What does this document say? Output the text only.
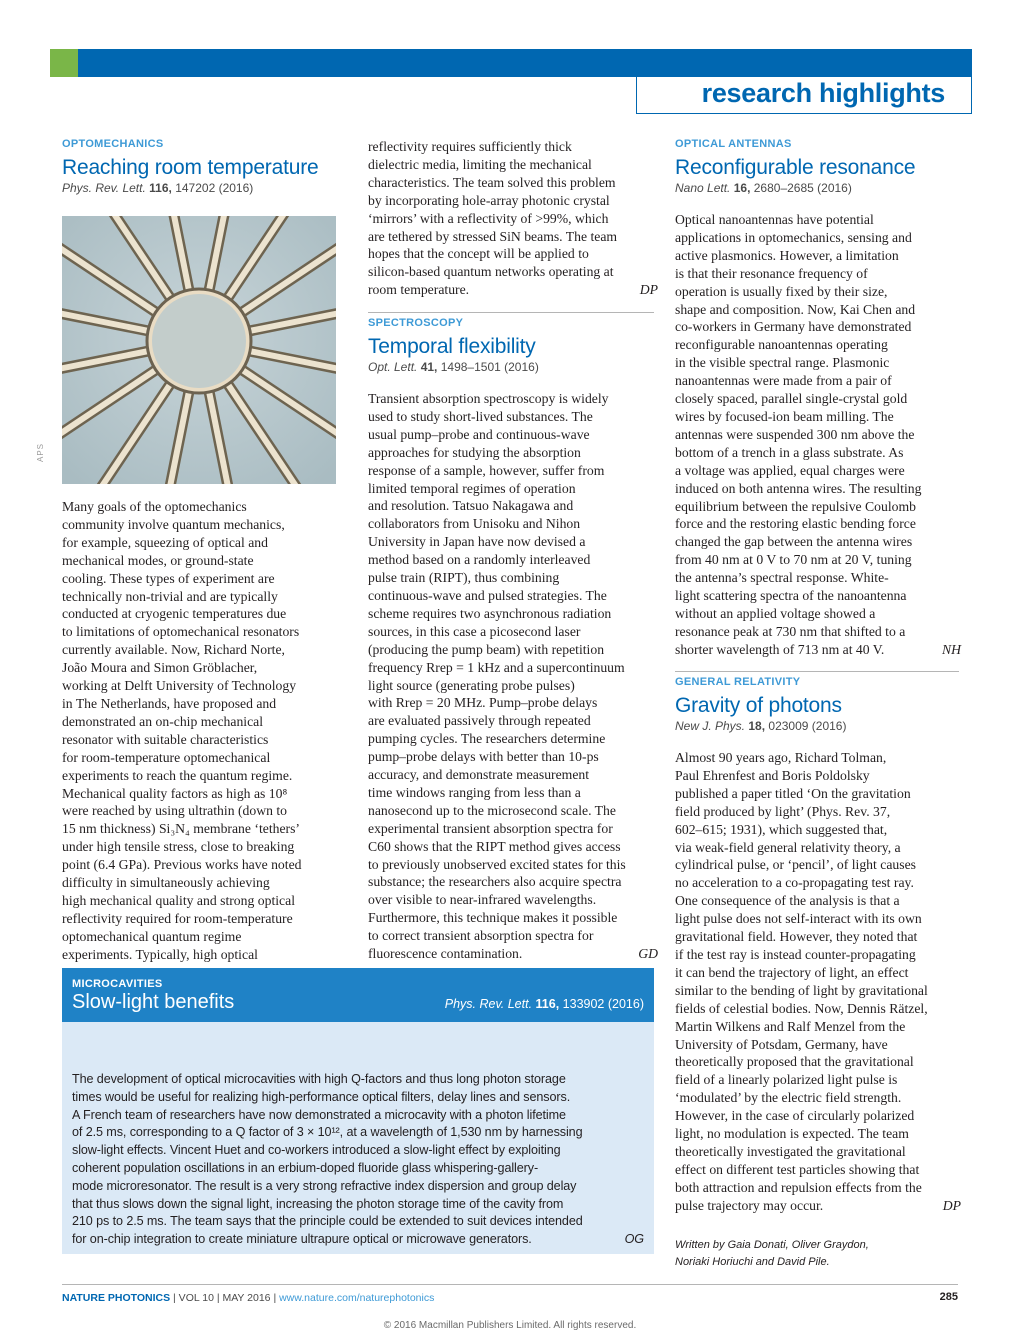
research highlights
OPTOMECHANICS
Reaching room temperature
Phys. Rev. Lett. 116, 147202 (2016)
APS

Many goals of the optomechanics

community involve quantum mechanics,

for example, squeezing of optical and

mechanical modes, or ground-state

cooling. These types of experiment are

technically non-trivial and are typically

conducted at cryogenic temperatures due

to limitations of optomechanical resonators

currently available. Now, Richard Norte,

João Moura and Simon Gröblacher,

working at Delft University of Technology

in The Netherlands, have proposed and

demonstrated an on-chip mechanical

resonator with suitable characteristics

for room-temperature optomechanical

experiments to reach the quantum regime.

Mechanical quality factors as high as 10⁸

were reached by using ultrathin (down to

15 nm thickness) Si₃N₄ membrane ‘tethers’

under high tensile stress, close to breaking

point (6.4 GPa). Previous works have noted

difficulty in simultaneously achieving

high mechanical quality and strong optical

reflectivity required for room-temperature

optomechanical quantum regime

experiments. Typically, high optical

reflectivity requires sufficiently thick

dielectric media, limiting the mechanical

characteristics. The team solved this problem

by incorporating hole-array photonic crystal

‘mirrors’ with a reflectivity of >99%, which

are tethered by stressed SiN beams. The team

hopes that the concept will be applied to

silicon-based quantum networks operating at

room temperature.	DP

SPECTROSCOPY
Temporal flexibility
Opt. Lett. 41, 1498–1501 (2016)

Transient absorption spectroscopy is widely

used to study short-lived substances. The

usual pump–probe and continuous-wave

approaches for studying the absorption

response of a sample, however, suffer from

limited temporal regimes of operation

and resolution. Tatsuo Nakagawa and

collaborators from Unisoku and Nihon

University in Japan have now devised a

method based on a randomly interleaved

pulse train (RIPT), thus combining

continuous-wave and pulsed strategies. The

scheme requires two asynchronous radiation

sources, in this case a picosecond laser

(producing the pump beam) with repetition

frequency Rrep = 1 kHz and a supercontinuum

light source (generating probe pulses)

with Rrep = 20 MHz. Pump–probe delays

are evaluated passively through repeated

pumping cycles. The researchers determine

pump–probe delays with better than 10-ps

accuracy, and demonstrate measurement

time windows ranging from less than a

nanosecond up to the microsecond scale. The

experimental transient absorption spectra for

C60 shows that the RIPT method gives access

to previously unobserved excited states for this

substance; the researchers also acquire spectra

over visible to near-infrared wavelengths.

Furthermore, this technique makes it possible

to correct transient absorption spectra for

fluorescence contamination.	GD

OPTICAL ANTENNAS
Reconfigurable resonance
Nano Lett. 16, 2680–2685 (2016)

Optical nanoantennas have potential

applications in optomechanics, sensing and

active plasmonics. However, a limitation

is that their resonance frequency of

operation is usually fixed by their size,

shape and composition. Now, Kai Chen and

co-workers in Germany have demonstrated

reconfigurable nanoantennas operating

in the visible spectral range. Plasmonic

nanoantennas were made from a pair of

closely spaced, parallel single-crystal gold

wires by focused-ion beam milling. The

antennas were suspended 300 nm above the

bottom of a trench in a glass substrate. As

a voltage was applied, equal charges were

induced on both antenna wires. The resulting

equilibrium between the repulsive Coulomb

force and the restoring elastic bending force

changed the gap between the antenna wires

from 40 nm at 0 V to 70 nm at 20 V, tuning

the antenna’s spectral response. White-

light scattering spectra of the nanoantenna

without an applied voltage showed a

resonance peak at 730 nm that shifted to a

shorter wavelength of 713 nm at 40 V.	NH

GENERAL RELATIVITY
Gravity of photons
New J. Phys. 18, 023009 (2016)

Almost 90 years ago, Richard Tolman,

Paul Ehrenfest and Boris Poldolsky

published a paper titled ‘On the gravitation

field produced by light’ (Phys. Rev. 37,

602–615; 1931), which suggested that,

via weak-field general relativity theory, a

cylindrical pulse, or ‘pencil’, of light causes

no acceleration to a co-propagating test ray.

One consequence of the analysis is that a

light pulse does not self-interact with its own

gravitational field. However, they noted that

if the test ray is instead counter-propagating

it can bend the trajectory of light, an effect

similar to the bending of light by gravitational

fields of celestial bodies. Now, Dennis Rätzel,

Martin Wilkens and Ralf Menzel from the

University of Potsdam, Germany, have

theoretically proposed that the gravitational

field of a linearly polarized light pulse is

‘modulated’ by the electric field strength.

However, in the case of circularly polarized

light, no modulation is expected. The team

theoretically investigated the gravitational

effect on different test particles showing that

both attraction and repulsion effects from the

pulse trajectory may occur.	DP

Written by Gaia Donati, Oliver Graydon,
Noriaki Horiuchi and David Pile.
MICROCAVITIES
Slow-light benefits	Phys. Rev. Lett. 116, 133902 (2016)

The development of optical microcavities with high Q-factors and thus long photon storage

times would be useful for realizing high-performance optical filters, delay lines and sensors.

A French team of researchers have now demonstrated a microcavity with a photon lifetime

of 2.5 ms, corresponding to a Q factor of 3 × 10¹², at a wavelength of 1,530 nm by harnessing

slow-light effects. Vincent Huet and co-workers introduced a slow-light effect by exploiting

coherent population oscillations in an erbium-doped fluoride glass whispering-gallery-

mode microresonator. The result is a very strong refractive index dispersion and group delay

that thus slows down the signal light, increasing the photon storage time of the cavity from

210 ps to 2.5 ms. The team says that the principle could be extended to suit devices intended

for on-chip integration to create miniature ultrapure optical or microwave generators.	OG

NATURE PHOTONICS | VOL 10 | MAY 2016 | www.nature.com/naturephotonics	285
© 2016 Macmillan Publishers Limited. All rights reserved.
